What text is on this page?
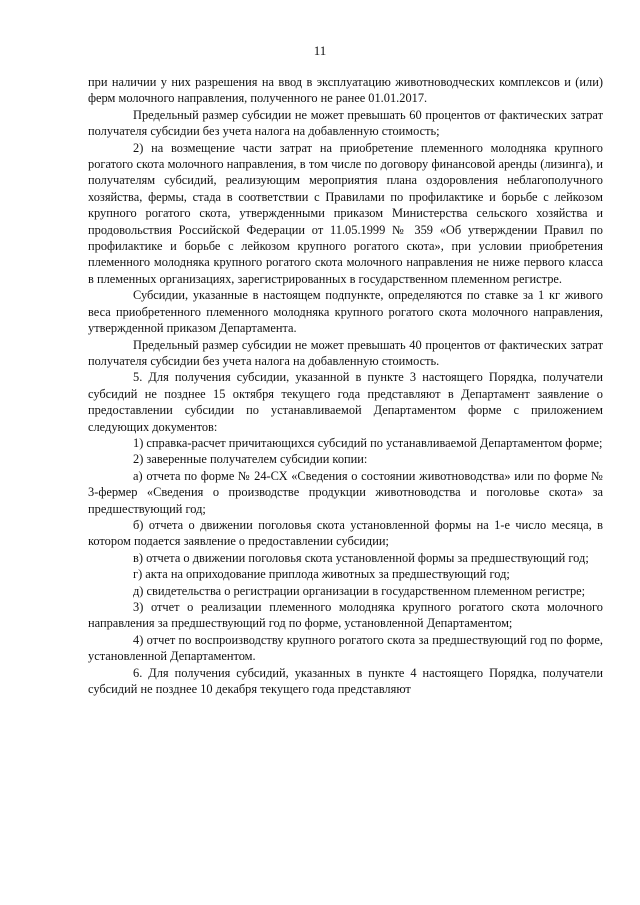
11

при наличии у них разрешения на ввод в эксплуатацию животноводческих комплексов и (или) ферм молочного направления, полученного не ранее 01.01.2017.

Предельный размер субсидии не может превышать 60 процентов от фактических затрат получателя субсидии без учета налога на добавленную стоимость;

2) на возмещение части затрат на приобретение племенного молодняка крупного рогатого скота молочного направления, в том числе по договору финансовой аренды (лизинга), и получателям субсидий, реализующим мероприятия плана оздоровления неблагополучного хозяйства, фермы, стада в соответствии с Правилами по профилактике и борьбе с лейкозом крупного рогатого скота, утвержденными приказом Министерства сельского хозяйства и продовольствия Российской Федерации от 11.05.1999 № 359 «Об утверждении Правил по профилактике и борьбе с лейкозом крупного рогатого скота», при условии приобретения племенного молодняка крупного рогатого скота молочного направления не ниже первого класса в племенных организациях, зарегистрированных в государственном племенном регистре.

Субсидии, указанные в настоящем подпункте, определяются по ставке за 1 кг живого веса приобретенного племенного молодняка крупного рогатого скота молочного направления, утвержденной приказом Департамента.

Предельный размер субсидии не может превышать 40 процентов от фактических затрат получателя субсидии без учета налога на добавленную стоимость.

5. Для получения субсидии, указанной в пункте 3 настоящего Порядка, получатели субсидий не позднее 15 октября текущего года представляют в Департамент заявление о предоставлении субсидии по устанавливаемой Департаментом форме с приложением следующих документов:

1) справка-расчет причитающихся субсидий по устанавливаемой Департаментом форме;

2) заверенные получателем субсидии копии:

а) отчета по форме № 24-СХ «Сведения о состоянии животноводства» или по форме № 3-фермер «Сведения о производстве продукции животноводства и поголовье скота» за предшествующий год;

б) отчета о движении поголовья скота установленной формы на 1-е число месяца, в котором подается заявление о предоставлении субсидии;

в) отчета о движении поголовья скота установленной формы за предшествующий год;

г) акта на оприходование приплода животных за предшествующий год;

д) свидетельства о регистрации организации в государственном племенном регистре;

3) отчет о реализации племенного молодняка крупного рогатого скота молочного направления за предшествующий год по форме, установленной Департаментом;

4) отчет по воспроизводству крупного рогатого скота за предшествующий год по форме, установленной Департаментом.

6. Для получения субсидий, указанных в пункте 4 настоящего Порядка, получатели субсидий не позднее 10 декабря текущего года представляют
